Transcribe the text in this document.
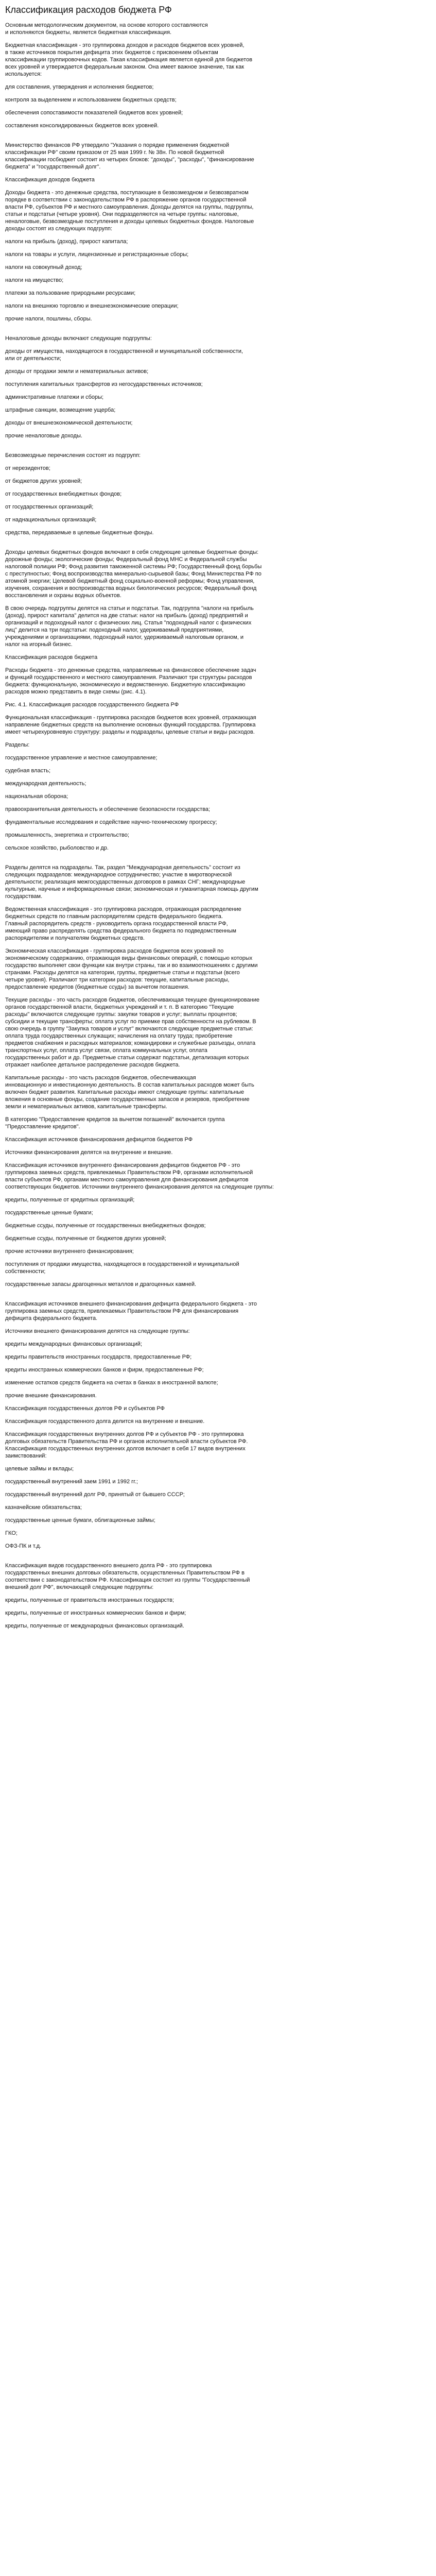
Классификация расходов бюджета РФ

Основным методологическим документом, на основе которого составляются
и исполняются бюджеты, является бюджетная классификация.

Бюджетная классификация - это группировка доходов и расходов бюджетов всех уровней,
в также источников покрытия дефицита этих бюджетов с присвоением объектам
классификации группировочных кодов. Такая классификация является единой для бюджетов
всех уровней и утверждается федеральным законом. Она имеет важное значение, так как
используется:

для составления, утверждения и исполнения бюджетов;

контроля за выделением и использованием бюджетных средств;

обеспечения сопоставимости показателей бюджетов всех уровней;

составления консолидированных бюджетов всех уровней.

Министерство финансов РФ утвердило "Указания о порядке применения бюджетной
классификации РФ" своим приказом от 25 мая 1999 г. № 38н. По новой бюджетной
классификации госбюджет состоит из четырех блоков: "доходы", "расходы", "финансирование
бюджета" и "государственный долг".

Классификация доходов бюджета

Доходы бюджета - это денежные средства, поступающие в безвозмездном и безвозвратном
порядке в соответствии с законодательством РФ в распоряжение органов государственной
власти РФ, субъектов РФ и местного самоуправления. Доходы делятся на группы, подгруппы,
статьи и подстатьи (четыре уровня). Они подразделяются на четыре группы: налоговые,
неналоговые, безвозмездные поступления и доходы целевых бюджетных фондов. Налоговые
доходы состоят из следующих подгрупп:

налоги на прибыль (доход), прирост капитала;

налоги на товары и услуги, лицензионные и регистрационные сборы;

налоги на совокупный доход;

налоги на имущество;

платежи за пользование природными ресурсами;

налоги на внешнюю торговлю и внешнеэкономические операции;

прочие налоги, пошлины, сборы.

Неналоговые доходы включают следующие подгруппы:

доходы от имущества, находящегося в государственной и муниципальной собственности,
или от деятельности;

доходы от продажи земли и нематериальных активов;

поступления капитальных трансфертов из негосударственных источников;

административные платежи и сборы;

штрафные санкции, возмещение ущерба;

доходы от внешнеэкономической деятельности;

прочие неналоговые доходы.

Безвозмездные перечисления состоят из подгрупп:

от нерезидентов;

от бюджетов других уровней;

от государственных внебюджетных фондов;

от государственных организаций;

от наднациональных организаций;

средства, передаваемые в целевые бюджетные фонды.

Доходы целевых бюджетных фондов включают в себя следующие целевые бюджетные фонды:
дорожные фонды; экологические фонды; Федеральный фонд МНС и Федеральной службы
налоговой полиции РФ; Фонд развития таможенной системы РФ; Государственный фонд борьбы
с преступностью; Фонд воспроизводства минерально-сырьевой базы; Фонд Министерства РФ по
атомной энергии; Целевой бюджетный фонд социально-военной реформы; Фонд управления,
изучения, сохранения и воспроизводства водных биологических ресурсов; Федеральный фонд
восстановления и охраны водных объектов.

В свою очередь подгруппы делятся на статьи и подстатьи. Так, подгруппа "налоги на прибыль
(доход), прирост капитала" делится на две статьи: налог на прибыль (доход) предприятий и
организаций и подоходный налог с физических лиц. Статья "подоходный налог с физических
лиц" делится на три подстатьи: подоходный налог, удерживаемый предприятиями,
учреждениями и организациями, подоходный налог, удерживаемый налоговым органом, и
налог на игорный бизнес.

Классификация расходов бюджета

Расходы бюджета - это денежные средства, направляемые на финансовое обеспечение задач
и функций государственного и местного самоуправления. Различают три структуры расходов
бюджета: функциональную, экономическую и ведомственную. Бюджетную классификацию
расходов можно представить в виде схемы (рис. 4.1).

Рис. 4.1. Классификация расходов государственного бюджета РФ

Функциональная классификация - группировка расходов бюджетов всех уровней, отражающая
направление бюджетных средств на выполнение основных функций государства. Группировка
имеет четырехуровневую структуру: разделы и подразделы, целевые статьи и виды расходов.

Разделы:

государственное управление и местное самоуправление;

судебная власть;

международная деятельность;

национальная оборона;

правоохранительная деятельность и обеспечение безопасности государства;

фундаментальные исследования и содействие научно-техническому прогрессу;

промышленность, энергетика и строительство;

сельское хозяйство, рыболовство и др.

Разделы делятся на подразделы. Так, раздел "Международная деятельность" состоит из
следующих подразделов: международное сотрудничество; участие в миротворческой
деятельности; реализация межгосударственных договоров в рамках СНГ; международные
культурные, научные и информационные связи; экономическая и гуманитарная помощь другим
государствам.

Ведомственная классификация - это группировка расходов, отражающая распределение
бюджетных средств по главным распорядителям средств федерального бюджета.
Главный распорядитель средств - руководитель органа государственной власти РФ,
имеющий право распределять средства федерального бюджета по подведомственным
распорядителям и получателям бюджетных средств.

Экономическая классификация - группировка расходов бюджетов всех уровней по
экономическому содержанию, отражающая виды финансовых операций, с помощью которых
государство выполняет свои функции как внутри страны, так и во взаимоотношениях с другими
странами. Расходы делятся на категории, группы, предметные статьи и подстатьи (всего
четыре уровня). Различают три категории расходов: текущие, капитальные расходы,
предоставление кредитов (бюджетные ссуды) за вычетом погашения.

Текущие расходы - это часть расходов бюджетов, обеспечивающая текущее функционирование
органов государственной власти, бюджетных учреждений и т. п. В категорию "Текущие
расходы" включаются следующие группы: закупки товаров и услуг; выплаты процентов;
субсидии и текущие трансферты; оплата услуг по приемке прав собственности на рублевом. В
свою очередь в группу "Закупка товаров и услуг" включаются следующие предметные статьи:
оплата труда государственных служащих; начисления на оплату труда; приобретение
предметов снабжения и расходных материалов; командировки и служебные разъезды, оплата
транспортных услуг, оплата услуг связи, оплата коммунальных услуг, оплата
государственных работ и др. Предметные статьи содержат подстатьи, детализация которых
отражает наиболее детальное распределение расходов бюджета.

Капитальные расходы - это часть расходов бюджетов, обеспечивающая
инновационную и инвестиционную деятельность. В состав капитальных расходов может быть
включен бюджет развития. Капитальные расходы имеют следующие группы: капитальные
вложения в основные фонды, создание государственных запасов и резервов, приобретение
земли и нематериальных активов, капитальные трансферты.

В категорию "Предоставление кредитов за вычетом погашений" включается группа
"Предоставление кредитов".

Классификация источников финансирования дефицитов бюджетов РФ

Источники финансирования делятся на внутренние и внешние.

Классификация источников внутреннего финансирования дефицитов бюджетов РФ - это
группировка заемных средств, привлекаемых Правительством РФ, органами исполнительной
власти субъектов РФ, органами местного самоуправления для финансирования дефицитов
соответствующих бюджетов. Источники внутреннего финансирования делятся на следующие группы:

кредиты, полученные от кредитных организаций;

государственные ценные бумаги;

бюджетные ссуды, полученные от государственных внебюджетных фондов;

бюджетные ссуды, полученные от бюджетов других уровней;

прочие источники внутреннего финансирования;

поступления от продажи имущества, находящегося в государственной и муниципальной
собственности;

государственные запасы драгоценных металлов и драгоценных камней.

Классификация источников внешнего финансирования дефицита федерального бюджета - это
группировка заемных средств, привлекаемых Правительством РФ для финансирования
дефицита федерального бюджета.

Источники внешнего финансирования делятся на следующие группы:

кредиты международных финансовых организаций;

кредиты правительств иностранных государств, предоставленные РФ;

кредиты иностранных коммерческих банков и фирм, предоставленные РФ;

изменение остатков средств бюджета на счетах в банках в иностранной валюте;

прочие внешние финансирования.

Классификация государственных долгов РФ и субъектов РФ

Классификация государственного долга делится на внутренние и внешние.

Классификация государственных внутренних долгов РФ и субъектов РФ - это группировка
долговых обязательств Правительства РФ и органов исполнительной власти субъектов РФ.
Классификация государственных внутренних долгов включает в себя 17 видов внутренних
заимствований:

целевые займы и вклады;

государственный внутренний заем 1991 и 1992 гг.;

государственный внутренний долг РФ, принятый от бывшего СССР;

казначейские обязательства;

государственные ценные бумаги, облигационные займы;

ГКО;

ОФЗ-ПК и т.д.

Классификация видов государственного внешнего долга РФ - это группировка
государственных внешних долговых обязательств, осуществленных Правительством РФ в
соответствии с законодательством РФ. Классификация состоит из группы "Государственный
внешний долг РФ", включающей следующие подгруппы:

кредиты, полученные от правительств иностранных государств;

кредиты, полученные от иностранных коммерческих банков и фирм;

кредиты, полученные от международных финансовых организаций.
